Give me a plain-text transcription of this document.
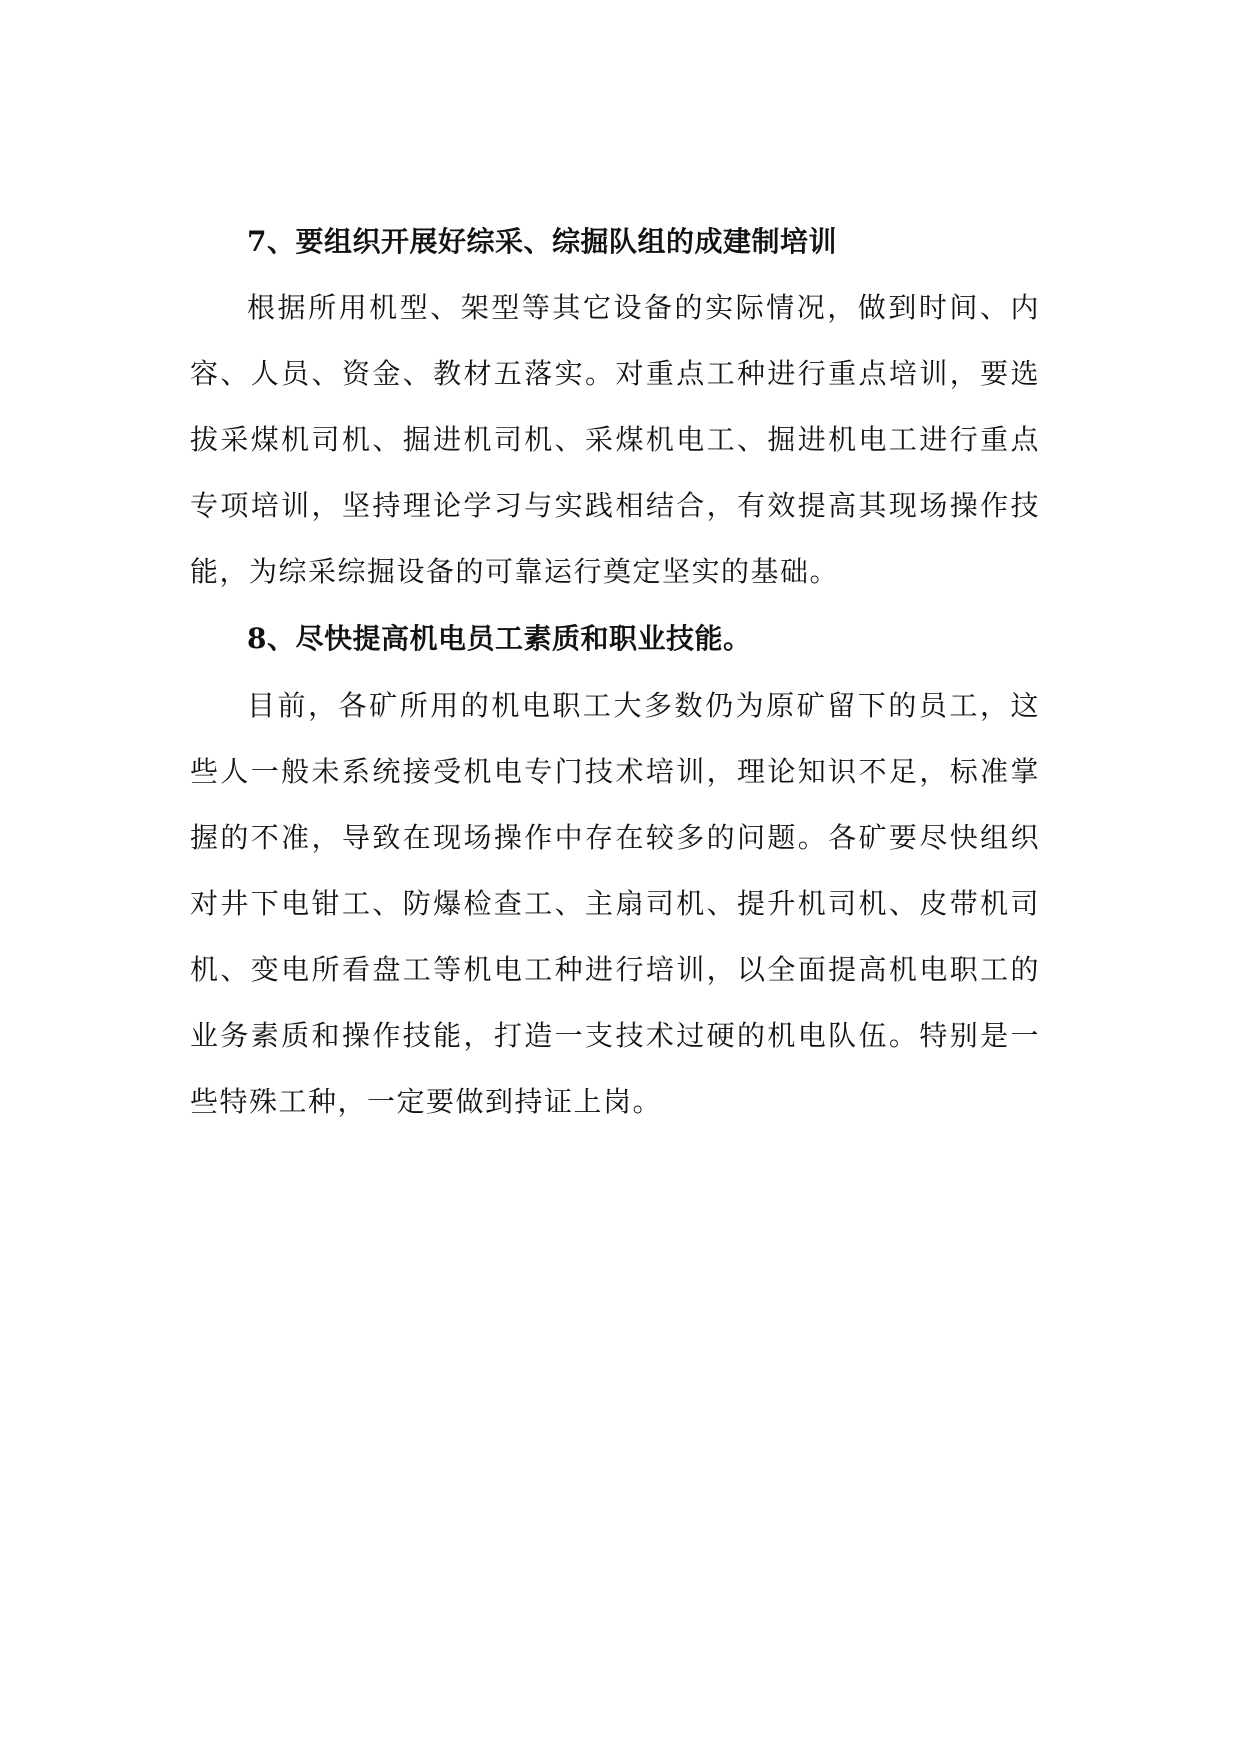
7、要组织开展好综采、综掘队组的成建制培训

根据所用机型、架型等其它设备的实际情况，做到时间、内容、人员、资金、教材五落实。对重点工种进行重点培训，要选拔采煤机司机、掘进机司机、采煤机电工、掘进机电工进行重点专项培训，坚持理论学习与实践相结合，有效提高其现场操作技能，为综采综掘设备的可靠运行奠定坚实的基础。

8、尽快提高机电员工素质和职业技能。

目前，各矿所用的机电职工大多数仍为原矿留下的员工，这些人一般未系统接受机电专门技术培训，理论知识不足，标准掌握的不准，导致在现场操作中存在较多的问题。各矿要尽快组织对井下电钳工、防爆检查工、主扇司机、提升机司机、皮带机司机、变电所看盘工等机电工种进行培训，以全面提高机电职工的业务素质和操作技能，打造一支技术过硬的机电队伍。特别是一些特殊工种，一定要做到持证上岗。
